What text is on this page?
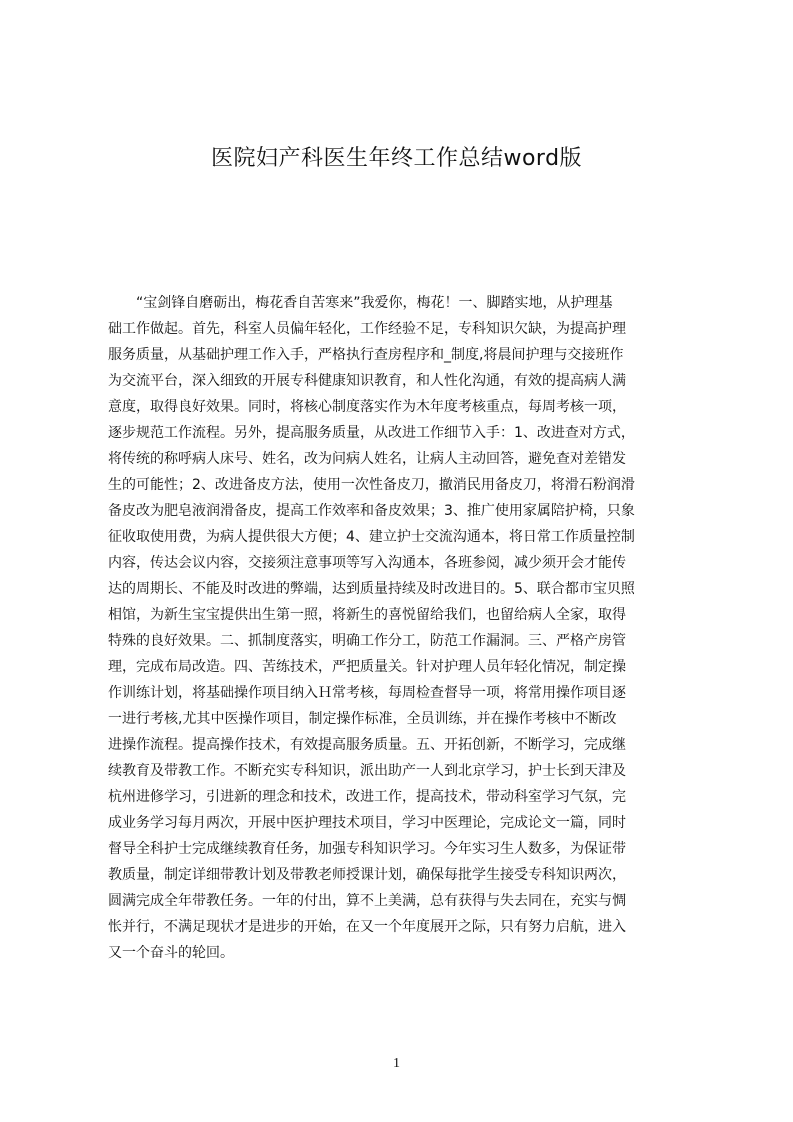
医院妇产科医生年终工作总结word版
　　“宝剑锋自磨砺出，梅花香自苦寒来”我爱你，梅花！一、脚踏实地，从护理基
础工作做起。首先，科室人员偏年轻化，工作经验不足，专科知识欠缺，为提高护理
服务质量，从基础护理工作入手，严格执行查房程序和_制度,将晨间护理与交接班作
为交流平台，深入细致的开展专科健康知识教育，和人性化沟通，有效的提高病人满
意度，取得良好效果。同时，将核心制度落实作为木年度考核重点，每周考核一项，
逐步规范工作流程。另外，提高服务质量，从改进工作细节入手：1、改进查对方式，
将传统的称呼病人床号、姓名，改为问病人姓名，让病人主动回答，避免查对差错发
生的可能性；2、改进备皮方法，使用一次性备皮刀，撤消民用备皮刀，将滑石粉润滑
备皮改为肥皂液润滑备皮，提高工作效率和备皮效果；3、推广使用家属陪护椅，只象
征收取使用费，为病人提供很大方便；4、建立护士交流沟通本，将日常工作质量控制
内容，传达会议内容，交接须注意事项等写入沟通本，各班参阅，减少须开会才能传
达的周期长、不能及时改进的弊端，达到质量持续及时改进目的。5、联合都市宝贝照
相馆，为新生宝宝提供出生第一照，将新生的喜悦留给我们，也留给病人全家，取得
特殊的良好效果。二、抓制度落实，明确工作分工，防范工作漏洞。三、严格产房管
理，完成布局改造。四、苦练技术，严把质量关。针对护理人员年轻化情况，制定操
作训练计划，将基础操作项目纳入Ｈ常考核，每周检查督导一项，将常用操作项目逐
一进行考核,尤其中医操作项目，制定操作标准，全员训练，并在操作考核中不断改
进操作流程。提高操作技术，有效提高服务质量。五、开拓创新，不断学习，完成继
续教育及带教工作。不断充实专科知识，派出助产一人到北京学习，护士长到天津及
杭州进修学习，引进新的理念和技术，改进工作，提高技术，带动科室学习气氛，完
成业务学习每月两次，开展中医护理技术项目，学习中医理论，完成论文一篇，同时
督导全科护士完成继续教育任务，加强专科知识学习。今年实习生人数多，为保证带
教质量，制定详细带教计划及带教老师授课计划，确保每批学生接受专科知识两次，
圆满完成全年带教任务。一年的付出，算不上美满，总有获得与失去同在，充实与惆
怅并行，不满足现状才是进步的开始，在又一个年度展开之际，只有努力启航，进入
又一个奋斗的轮回。
1
